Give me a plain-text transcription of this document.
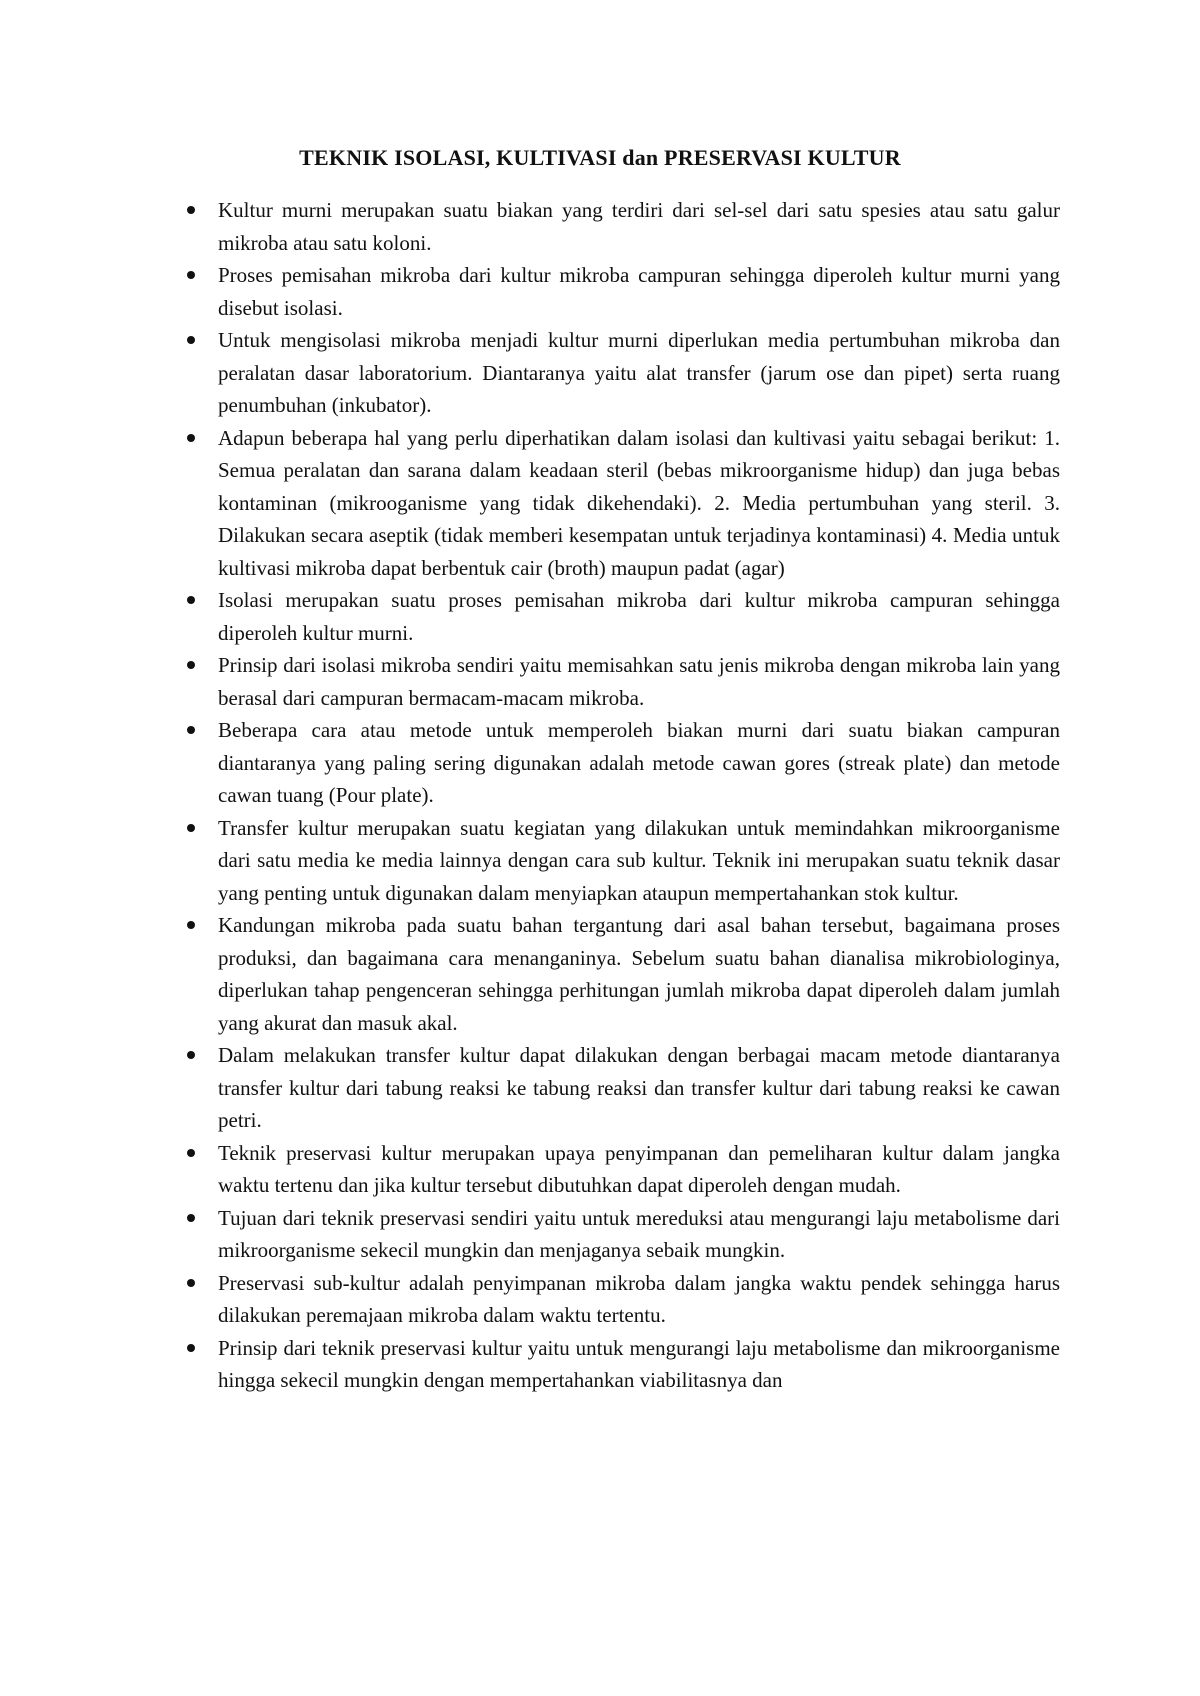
TEKNIK ISOLASI, KULTIVASI dan PRESERVASI KULTUR
Kultur murni merupakan suatu biakan yang terdiri dari sel-sel dari satu spesies atau satu galur mikroba atau satu koloni.
Proses pemisahan mikroba dari kultur mikroba campuran sehingga diperoleh kultur murni yang disebut isolasi.
Untuk mengisolasi mikroba menjadi kultur murni diperlukan media pertumbuhan mikroba dan peralatan dasar laboratorium. Diantaranya yaitu alat transfer (jarum ose dan pipet) serta ruang penumbuhan (inkubator).
Adapun beberapa hal yang perlu diperhatikan dalam isolasi dan kultivasi yaitu sebagai berikut: 1. Semua peralatan dan sarana dalam keadaan steril (bebas mikroorganisme hidup) dan juga bebas kontaminan (mikrooganisme yang tidak dikehendaki). 2. Media pertumbuhan yang steril. 3. Dilakukan secara aseptik (tidak memberi kesempatan untuk terjadinya kontaminasi) 4. Media untuk kultivasi mikroba dapat berbentuk cair (broth) maupun padat (agar)
Isolasi merupakan suatu proses pemisahan mikroba dari kultur mikroba campuran sehingga diperoleh kultur murni.
Prinsip dari isolasi mikroba sendiri yaitu memisahkan satu jenis mikroba dengan mikroba lain yang berasal dari campuran bermacam-macam mikroba.
Beberapa cara atau metode untuk memperoleh biakan murni dari suatu biakan campuran diantaranya yang paling sering digunakan adalah metode cawan gores (streak plate) dan metode cawan tuang (Pour plate).
Transfer kultur merupakan suatu kegiatan yang dilakukan untuk memindahkan mikroorganisme dari satu media ke media lainnya dengan cara sub kultur. Teknik ini merupakan suatu teknik dasar yang penting untuk digunakan dalam menyiapkan ataupun mempertahankan stok kultur.
Kandungan mikroba pada suatu bahan tergantung dari asal bahan tersebut, bagaimana proses produksi, dan bagaimana cara menanganinya. Sebelum suatu bahan dianalisa mikrobiologinya, diperlukan tahap pengenceran sehingga perhitungan jumlah mikroba dapat diperoleh dalam jumlah yang akurat dan masuk akal.
Dalam melakukan transfer kultur dapat dilakukan dengan berbagai macam metode diantaranya transfer kultur dari tabung reaksi ke tabung reaksi dan transfer kultur dari tabung reaksi ke cawan petri.
Teknik preservasi kultur merupakan upaya penyimpanan dan pemeliharan kultur dalam jangka waktu tertenu dan jika kultur tersebut dibutuhkan dapat diperoleh dengan mudah.
Tujuan dari teknik preservasi sendiri yaitu untuk mereduksi atau mengurangi laju metabolisme dari mikroorganisme sekecil mungkin dan menjaganya sebaik mungkin.
Preservasi sub-kultur adalah penyimpanan mikroba dalam jangka waktu pendek sehingga harus dilakukan peremajaan mikroba dalam waktu tertentu.
Prinsip dari teknik preservasi kultur yaitu untuk mengurangi laju metabolisme dan mikroorganisme hingga sekecil mungkin dengan mempertahankan viabilitasnya dan
